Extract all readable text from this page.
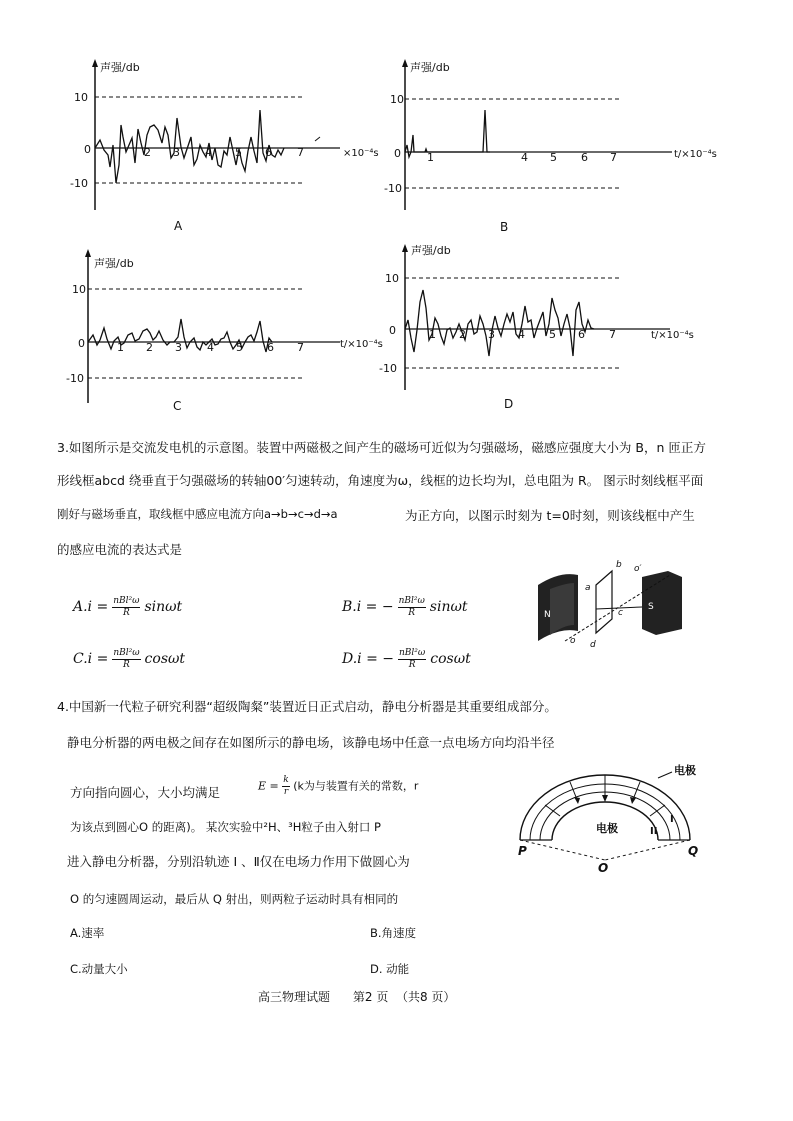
声强/db
10
0
-10
2 3 4 5 6 7	×10⁻⁴s
A
声强/db
10
0
-10
1	4 5 6 7	t/×10⁻⁴s
B
声强/db
10
0
-10
1 2 3 4 5 6 7	t/×10⁻⁴s
C
声强/db
10
0
-10
1 2 3 4 5 6 7	t/×10⁻⁴s
D
3.如图所示是交流发电机的示意图。装置中两磁极之间产生的磁场可近似为匀强磁场，磁感应强度大小为 B，n 匝正方
形线框abcd 绕垂直于匀强磁场的转轴00′匀速转动，角速度为ω，线框的边长均为l，总电阻为 R。 图示时刻线框平面
刚好与磁场垂直，取线框中感应电流方向a→b→c→d→a	为正方向，以图示时刻为 t=0时刻，则该线框中产生
的感应电流的表达式是
$A.i = \frac{\text{nBl²ω}}{R}$ sinωt	B.i = − $\frac{\text{nBl²ω}}{R}$ sinωt
$C.i = \frac{\text{nBl²ω}}{R}$ cosωt	D.i = − $\frac{\text{nBl²ω}}{R}$ cosωt
N
S
b o′
a
c
o d
4.中国新一代粒子研究利器“超级陶粲”装置近日正式启动，静电分析器是其重要组成部分。
静电分析器的两电极之间存在如图所示的静电场，该静电场中任意一点电场方向均沿半径
方向指向圆心，大小均满足	$E = \frac{k}{r} (k$为与装置有关的常数，r
为该点到圆心O 的距离)。 某次实验中²H、³H粒子由入射口 P
进入静电分析器，分别沿轨迹 Ⅰ 、Ⅱ仅在电场力作用下做圆心为
O 的匀速圆周运动，最后从 Q 射出，则两粒子运动时具有相同的
A.速率	B.角速度
C.动量大小	D. 动能
电极
电极
P	Q
O
I
II
高三物理试题      第2 页  （共8 页）
